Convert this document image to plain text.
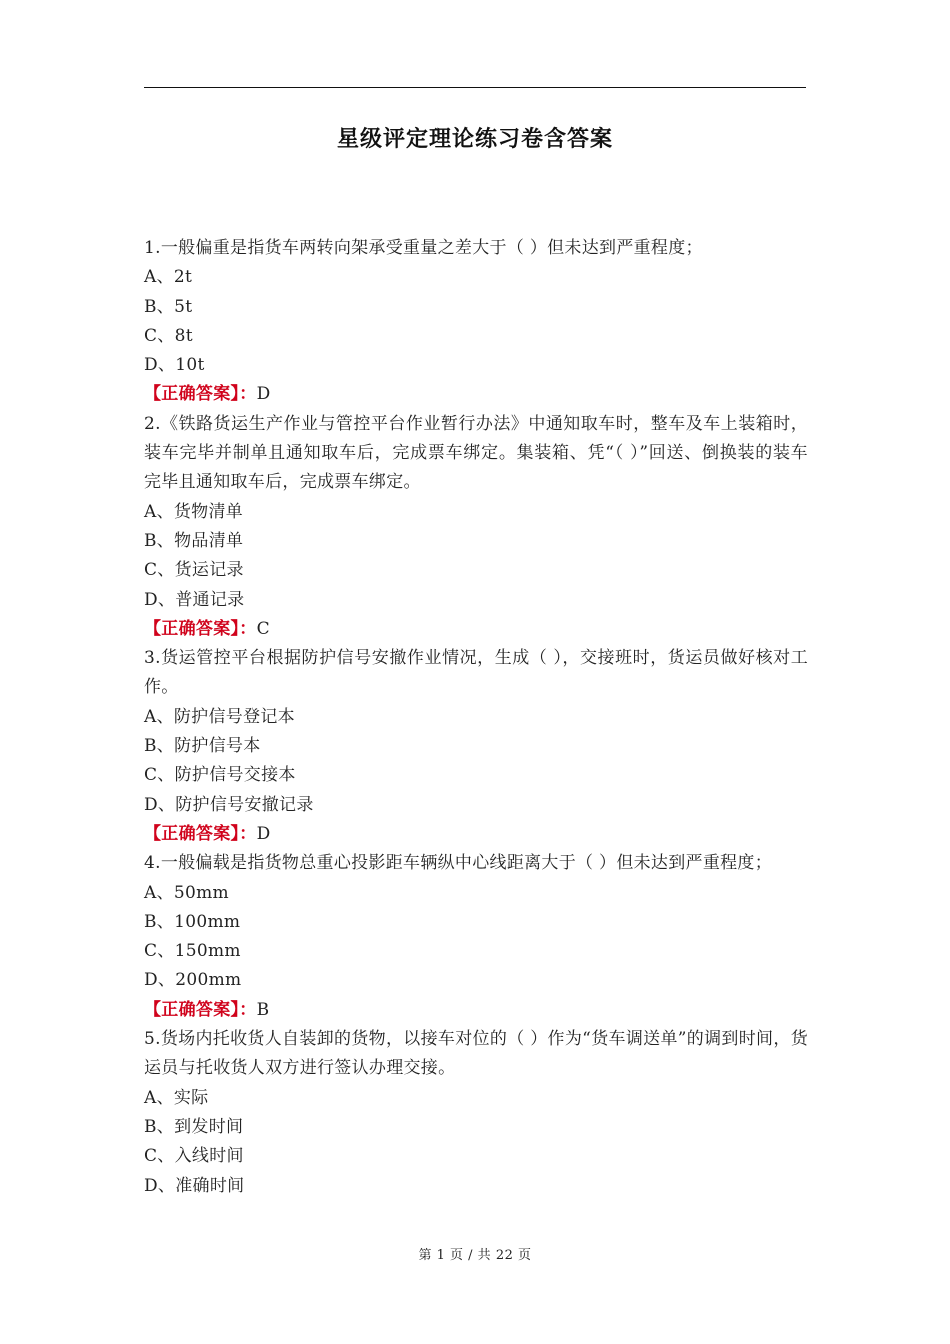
星级评定理论练习卷含答案

1.一般偏重是指货车两转向架承受重量之差大于（ ）但未达到严重程度；

A、2t

B、5t

C、8t

D、10t

【正确答案】：D

2.《铁路货运生产作业与管控平台作业暂行办法》中通知取车时，整车及车上装箱时，装车完毕并制单且通知取车后，完成票车绑定。集装箱、凭“（ ）”回送、倒换装的装车完毕且通知取车后，完成票车绑定。

A、货物清单

B、物品清单

C、货运记录

D、普通记录

【正确答案】：C

3.货运管控平台根据防护信号安撤作业情况，生成（ ），交接班时，货运员做好核对工作。

A、防护信号登记本

B、防护信号本

C、防护信号交接本

D、防护信号安撤记录

【正确答案】：D

4.一般偏载是指货物总重心投影距车辆纵中心线距离大于（ ）但未达到严重程度；

A、50mm

B、100mm

C、150mm

D、200mm

【正确答案】：B

5.货场内托收货人自装卸的货物，以接车对位的（ ）作为“货车调送单”的调到时间，货运员与托收货人双方进行签认办理交接。

A、实际

B、到发时间

C、入线时间

D、准确时间

第 1 页 / 共 22 页
